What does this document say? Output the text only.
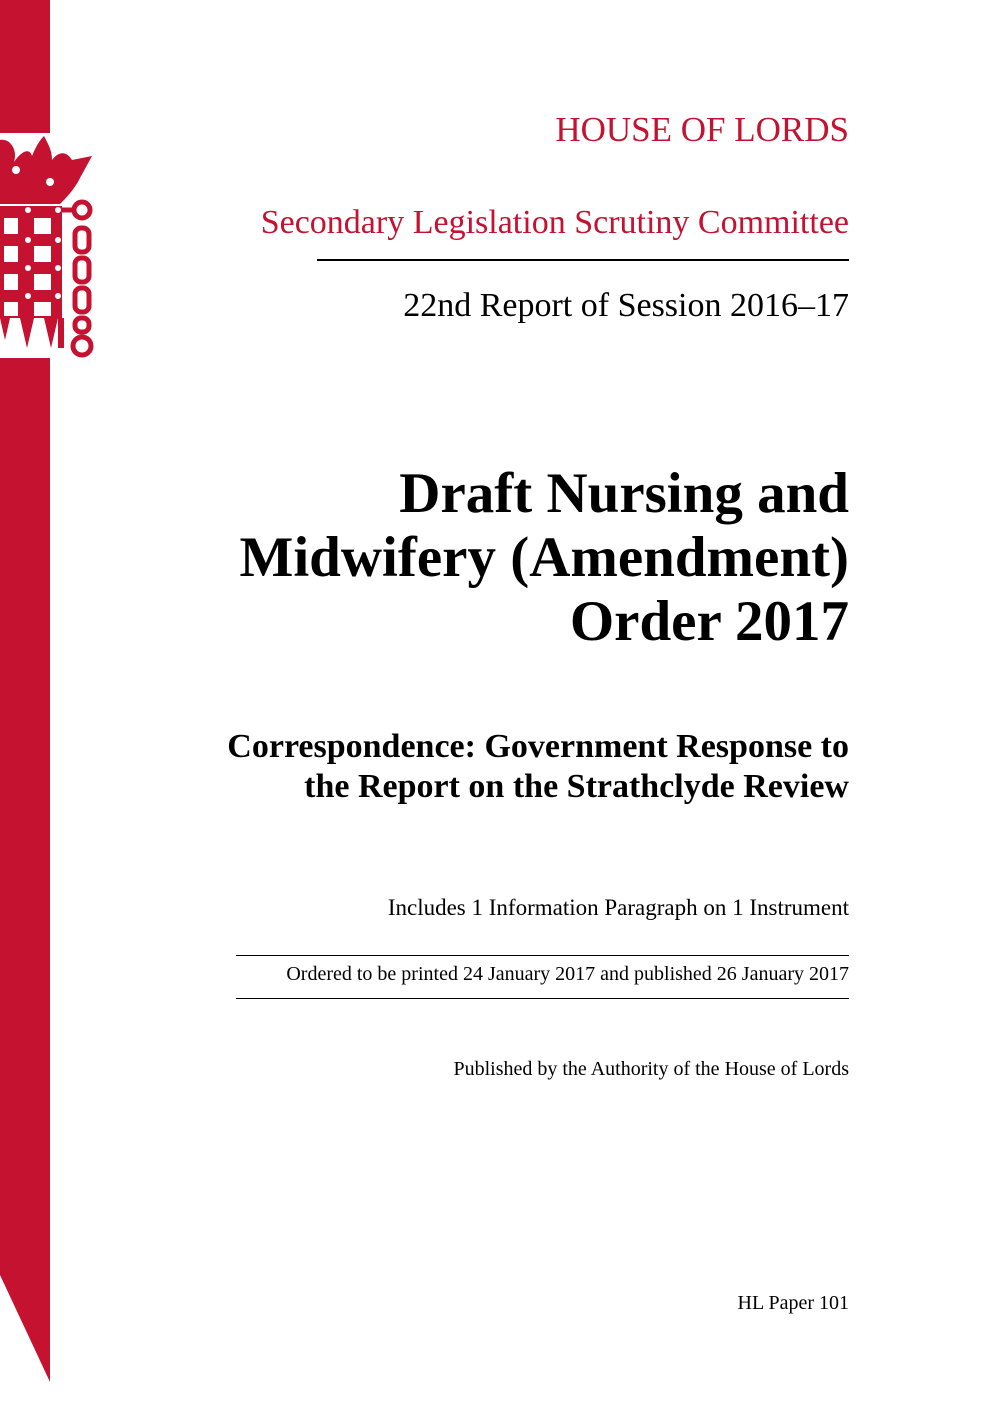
HOUSE OF LORDS
Secondary Legislation Scrutiny Committee
22nd Report of Session 2016–17
Draft Nursing and
Midwifery (Amendment)
Order 2017
Correspondence: Government Response to
the Report on the Strathclyde Review
Includes 1 Information Paragraph on 1 Instrument
Ordered to be printed 24 January 2017 and published 26 January 2017
Published by the Authority of the House of Lords
HL Paper 101
